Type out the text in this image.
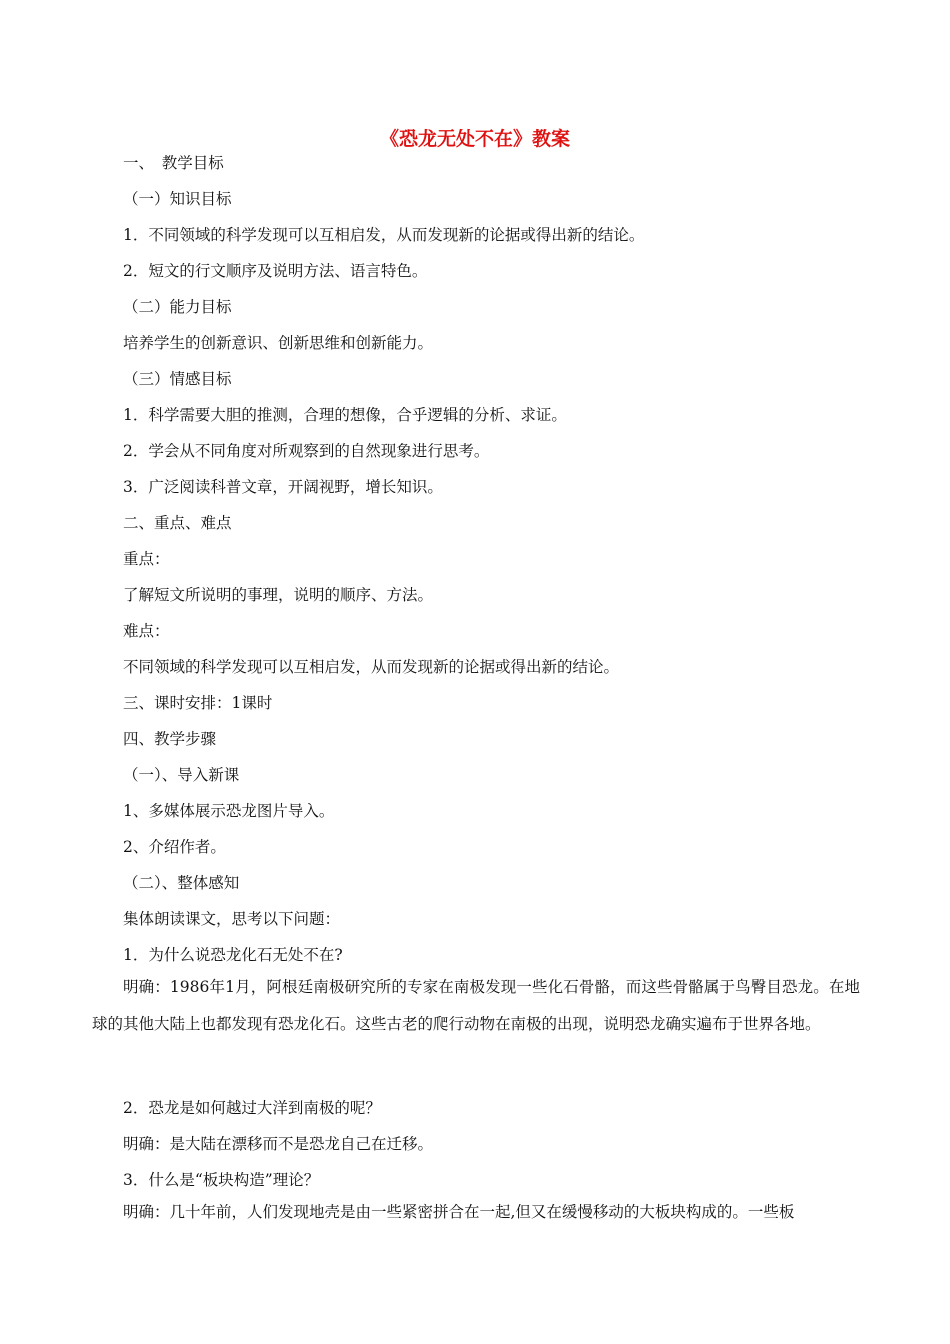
《恐龙无处不在》教案
一、　教学目标
（一）知识目标
1．不同领域的科学发现可以互相启发，从而发现新的论据或得出新的结论。
2．短文的行文顺序及说明方法、语言特色。
（二）能力目标
培养学生的创新意识、创新思维和创新能力。
（三）情感目标
1．科学需要大胆的推测，合理的想像，合乎逻辑的分析、求证。
2．学会从不同角度对所观察到的自然现象进行思考。
3．广泛阅读科普文章，开阔视野，增长知识。
二、重点、难点
重点：
了解短文所说明的事理，说明的顺序、方法。
难点：
不同领域的科学发现可以互相启发，从而发现新的论据或得出新的结论。
三、课时安排：1课时
四、教学步骤
（一）、导入新课
1、多媒体展示恐龙图片导入。
2、介绍作者。
（二）、整体感知
集体朗读课文，思考以下问题：
1．为什么说恐龙化石无处不在?
明确：1986年1月，阿根廷南极研究所的专家在南极发现一些化石骨骼，而这些骨骼属于鸟臀目恐龙。在地球的其他大陆上也都发现有恐龙化石。这些古老的爬行动物在南极的出现，说明恐龙确实遍布于世界各地。
2．恐龙是如何越过大洋到南极的呢？
明确：是大陆在漂移而不是恐龙自己在迁移。
3．什么是“板块构造”理论？
明确：几十年前，人们发现地壳是由一些紧密拼合在一起,但又在缓慢移动的大板块构成的。一些板
